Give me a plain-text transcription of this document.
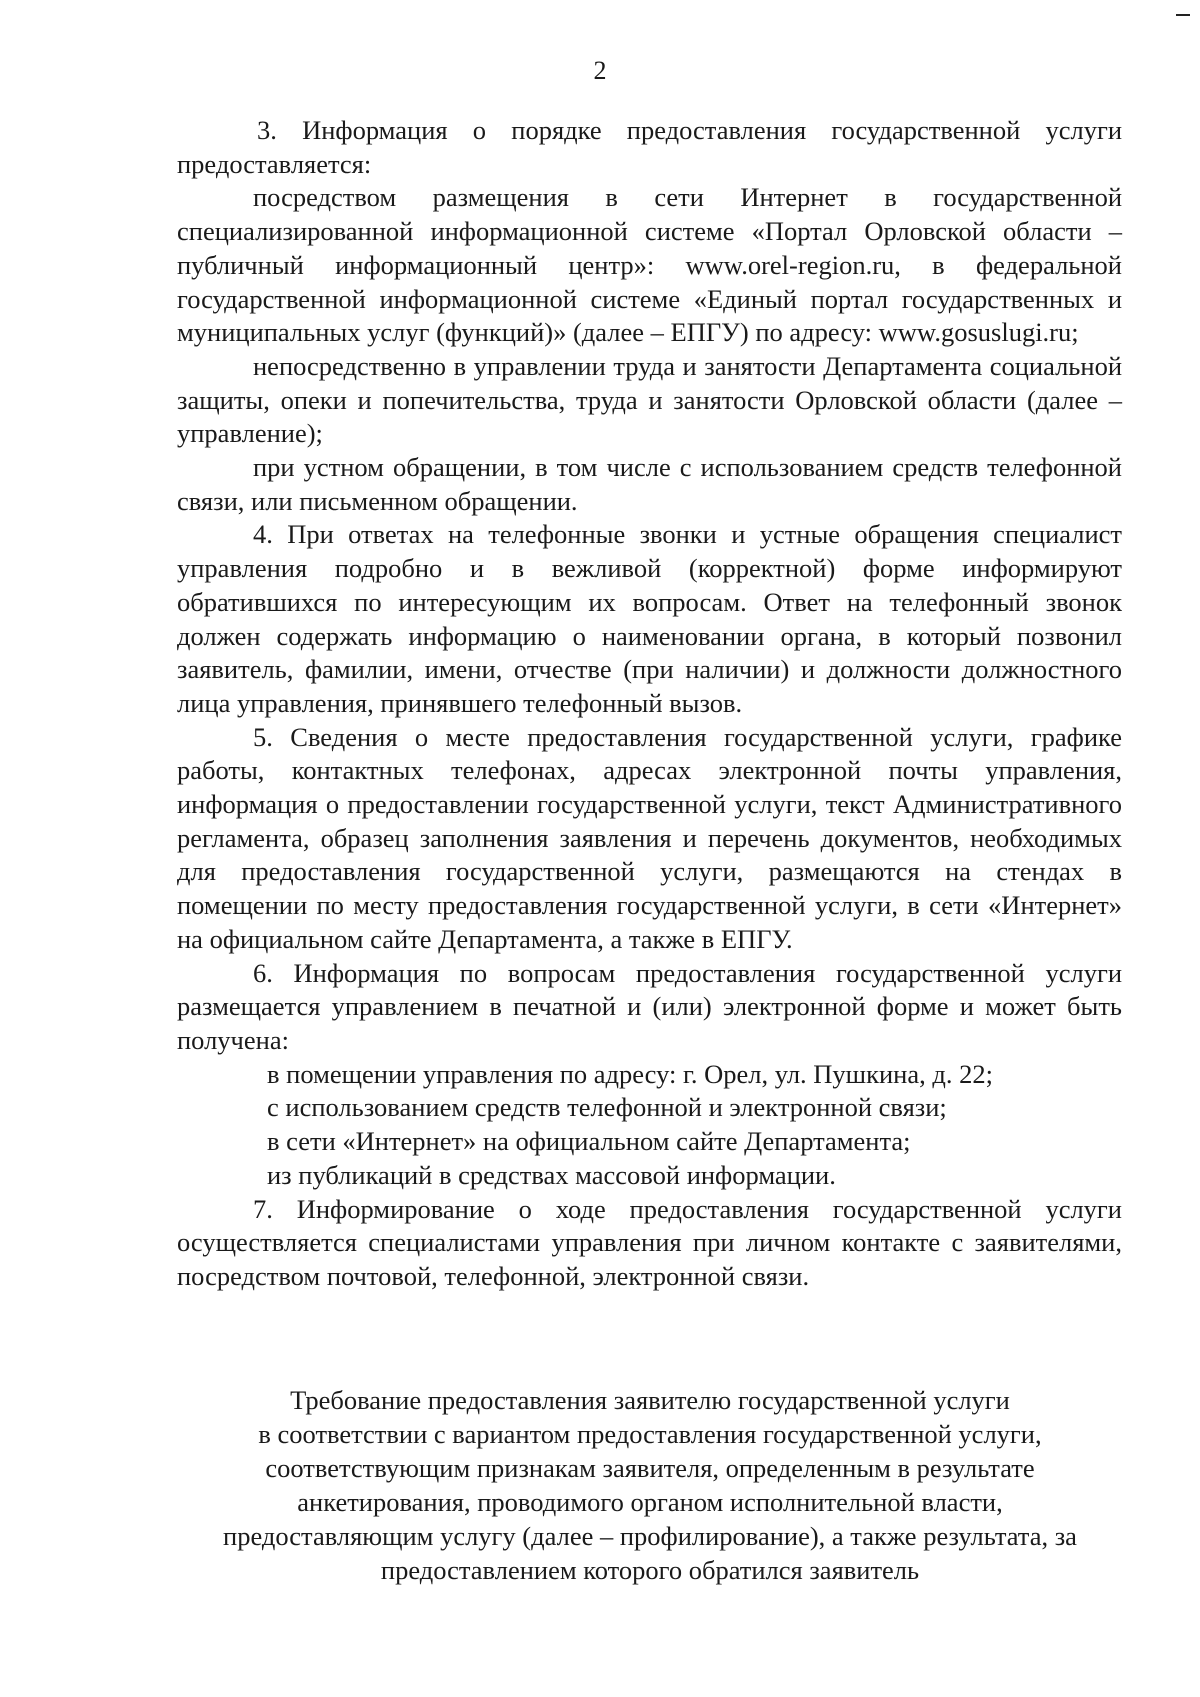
2

3. Информация о порядке предоставления государственной услуги предоставляется:

посредством размещения в сети Интернет в государственной специализированной информационной системе «Портал Орловской области – публичный информационный центр»: www.orel-region.ru, в федеральной государственной информационной системе «Единый портал государственных и муниципальных услуг (функций)» (далее – ЕПГУ) по адресу: www.gosuslugi.ru;

непосредственно в управлении труда и занятости Департамента социальной защиты, опеки и попечительства, труда и занятости Орловской области (далее – управление);

при устном обращении, в том числе с использованием средств телефонной связи, или письменном обращении.

4. При ответах на телефонные звонки и устные обращения специалист управления подробно и в вежливой (корректной) форме информируют обратившихся по интересующим их вопросам. Ответ на телефонный звонок должен содержать информацию о наименовании органа, в который позвонил заявитель, фамилии, имени, отчестве (при наличии) и должности должностного лица управления, принявшего телефонный вызов.

5. Сведения о месте предоставления государственной услуги, графике работы, контактных телефонах, адресах электронной почты управления, информация о предоставлении государственной услуги, текст Административного регламента, образец заполнения заявления и перечень документов, необходимых для предоставления государственной услуги, размещаются на стендах в помещении по месту предоставления государственной услуги, в сети «Интернет» на официальном сайте Департамента, а также в ЕПГУ.

6. Информация по вопросам предоставления государственной услуги размещается управлением в печатной и (или) электронной форме и может быть получена:

в помещении управления по адресу: г. Орел, ул. Пушкина, д. 22;

с использованием средств телефонной и электронной связи;

в сети «Интернет» на официальном сайте Департамента;

из публикаций в средствах массовой информации.

7. Информирование о ходе предоставления государственной услуги осуществляется специалистами управления при личном контакте с заявителями, посредством почтовой, телефонной, электронной связи.

Требование предоставления заявителю государственной услуги
в соответствии с вариантом предоставления государственной услуги,
соответствующим признакам заявителя, определенным в результате
анкетирования, проводимого органом исполнительной власти,
предоставляющим услугу (далее – профилирование), а также результата, за
предоставлением которого обратился заявитель
